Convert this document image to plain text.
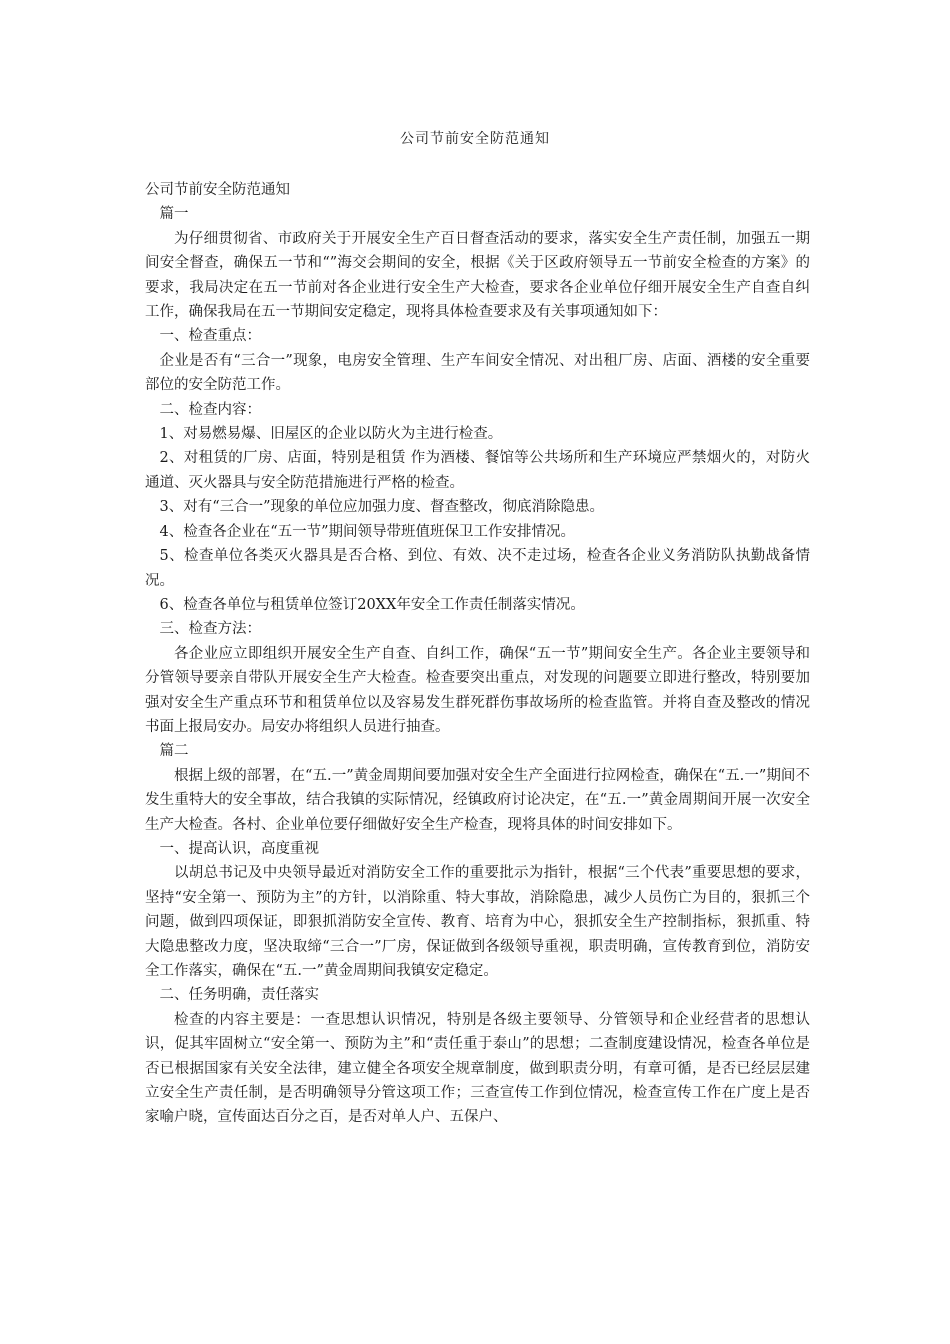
公司节前安全防范通知

公司节前安全防范通知

篇一

为仔细贯彻省、市政府关于开展安全生产百日督查活动的要求，落实安全生产责任制，加强五一期间安全督查，确保五一节和“”海交会期间的安全，根据《关于区政府领导五一节前安全检查的方案》的要求，我局决定在五一节前对各企业进行安全生产大检查，要求各企业单位仔细开展安全生产自查自纠工作，确保我局在五一节期间安定稳定，现将具体检查要求及有关事项通知如下：

一、检查重点：

企业是否有“三合一”现象，电房安全管理、生产车间安全情况、对出租厂房、店面、酒楼的安全重要部位的安全防范工作。

二、检查内容：

1、对易燃易爆、旧屋区的企业以防火为主进行检查。

2、对租赁的厂房、店面，特别是租赁 作为酒楼、餐馆等公共场所和生产环境应严禁烟火的，对防火通道、灭火器具与安全防范措施进行严格的检查。

3、对有“三合一”现象的单位应加强力度、督查整改，彻底消除隐患。

4、检查各企业在“五一节”期间领导带班值班保卫工作安排情况。

5、检查单位各类灭火器具是否合格、到位、有效、决不走过场，检查各企业义务消防队执勤战备情况。

6、检查各单位与租赁单位签订20XX年安全工作责任制落实情况。

三、检查方法：

各企业应立即组织开展安全生产自查、自纠工作，确保“五一节”期间安全生产。各企业主要领导和分管领导要亲自带队开展安全生产大检查。检查要突出重点，对发现的问题要立即进行整改，特别要加强对安全生产重点环节和租赁单位以及容易发生群死群伤事故场所的检查监管。并将自查及整改的情况书面上报局安办。局安办将组织人员进行抽查。

篇二

根据上级的部署，在“五.一”黄金周期间要加强对安全生产全面进行拉网检查，确保在“五.一”期间不发生重特大的安全事故，结合我镇的实际情况，经镇政府讨论决定，在“五.一”黄金周期间开展一次安全生产大检查。各村、企业单位要仔细做好安全生产检查，现将具体的时间安排如下。

一、提高认识，高度重视

以胡总书记及中央领导最近对消防安全工作的重要批示为指针，根据“三个代表”重要思想的要求，坚持“安全第一、预防为主”的方针，以消除重、特大事故，消除隐患，减少人员伤亡为目的，狠抓三个问题，做到四项保证，即狠抓消防安全宣传、教育、培育为中心，狠抓安全生产控制指标，狠抓重、特大隐患整改力度，坚决取缔“三合一”厂房，保证做到各级领导重视，职责明确，宣传教育到位，消防安全工作落实，确保在“五.一”黄金周期间我镇安定稳定。

二、任务明确，责任落实

检查的内容主要是：一查思想认识情况，特别是各级主要领导、分管领导和企业经营者的思想认识，促其牢固树立“安全第一、预防为主”和“责任重于泰山”的思想；二查制度建设情况，检查各单位是否已根据国家有关安全法律，建立健全各项安全规章制度，做到职责分明，有章可循，是否已经层层建立安全生产责任制，是否明确领导分管这项工作；三查宣传工作到位情况，检查宣传工作在广度上是否家喻户晓，宣传面达百分之百，是否对单人户、五保户、
